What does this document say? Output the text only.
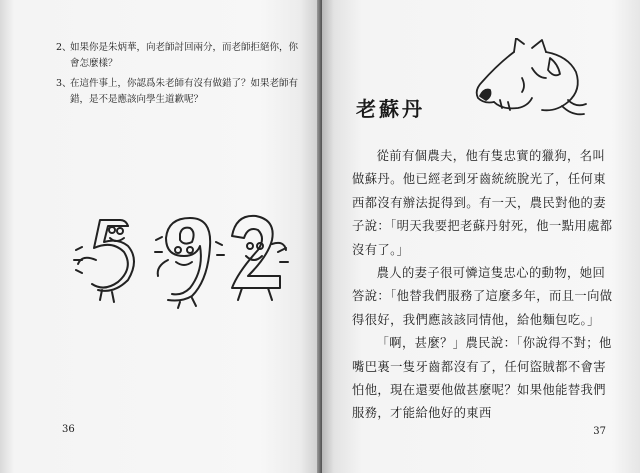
2、
如果你是朱炳華，向老師討回兩分，而老師拒絕你，你會怎麼樣？
3、
在這件事上，你認爲朱老師有沒有做錯了？如果老師有錯，是不是應該向學生道歉呢？
36
老蘇丹

從前有個農夫，他有隻忠實的獵狗，名叫做蘇丹。他已經老到牙齒統統脫光了，任何東西都沒有辦法捉得到。有一天，農民對他的妻子說：「明天我要把老蘇丹射死，他一點用處都沒有了。」

農人的妻子很可憐這隻忠心的動物，她回答說：「他替我們服務了這麼多年，而且一向做得很好，我們應該該同情他，給他麵包吃。」

「啊，甚麼？」農民說：「你說得不對；他嘴巴裏一隻牙齒都沒有了，任何盜賊都不會害怕他，現在還要他做甚麼呢？如果他能替我們服務，才能給他好的東西

37
